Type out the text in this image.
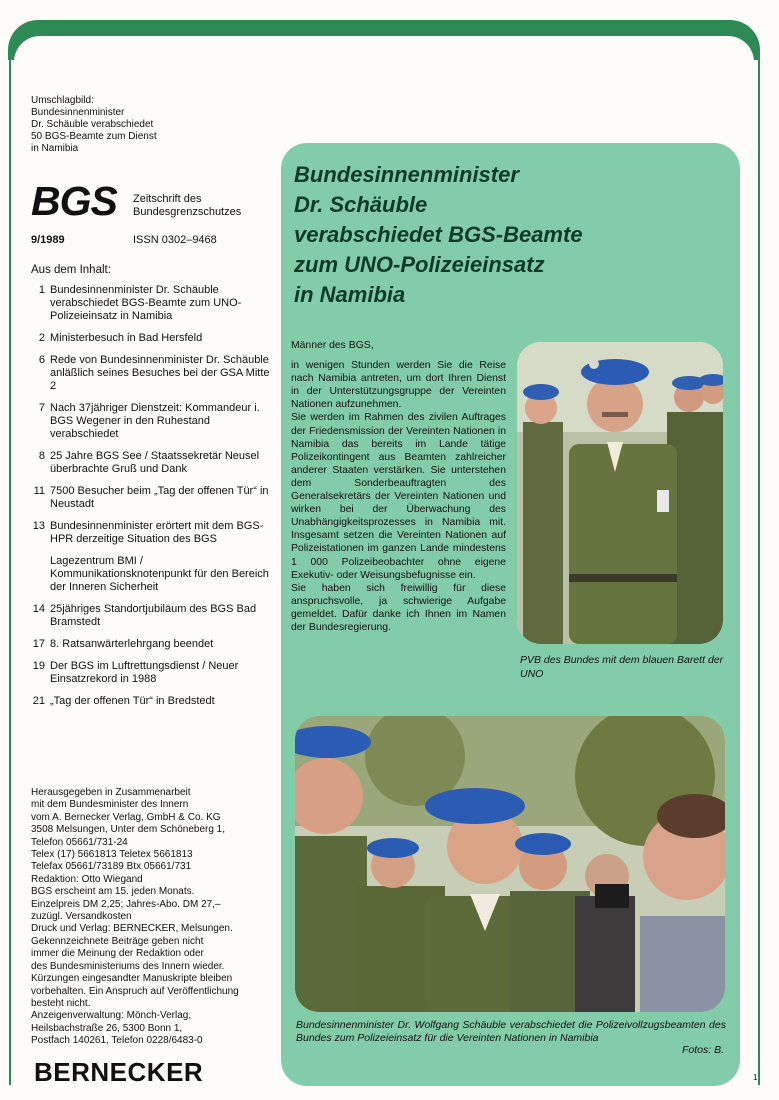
Umschlagbild:
Bundesinnenminister
Dr. Schäuble verabschiedet
50 BGS-Beamte zum Dienst
in Namibia
BGS Zeitschrift des
Bundesgrenzschutzes
9/1989	ISSN 0302–9468
Aus dem Inhalt:
1 Bundesinnenminister Dr. Schäuble verabschiedet BGS-Beamte zum UNO-Polizeieinsatz in Namibia
2 Ministerbesuch in Bad Hersfeld
6 Rede von Bundesinnenminister Dr. Schäuble anläßlich seines Besuches bei der GSA Mitte 2
7 Nach 37jähriger Dienstzeit: Kommandeur i. BGS Wegener in den Ruhestand verabschiedet
8 25 Jahre BGS See / Staatssekretär Neusel überbrachte Gruß und Dank
11 7500 Besucher beim „Tag der offenen Tür“ in Neustadt
13 Bundesinnenminister erörtert mit dem BGS-HPR derzeitige Situation des BGS
Lagezentrum BMI / Kommunikationsknotenpunkt für den Bereich der Inneren Sicherheit
14 25jähriges Standortjubiläum des BGS Bad Bramstedt
17 8. Ratsanwärterlehrgang beendet
19 Der BGS im Luftrettungsdienst / Neuer Einsatzrekord in 1988
21 „Tag der offenen Tür“ in Bredstedt
Herausgegeben in Zusammenarbeit
mit dem Bundesminister des Innern
vom A. Bernecker Verlag, GmbH & Co. KG
3508 Melsungen, Unter dem Schöneberg 1,
Telefon 05661/731-24
Telex (17) 5661813 Teletex 5661813
Telefax 05661/73189 Btx 05661/731
Redaktion: Otto Wiegand
BGS erscheint am 15. jeden Monats.
Einzelpreis DM 2,25; Jahres-Abo. DM 27,–
zuzügl. Versandkosten
Druck und Verlag: BERNECKER, Melsungen.
Gekennzeichnete Beiträge geben nicht
immer die Meinung der Redaktion oder
des Bundesministeriums des Innern wieder.
Kürzungen eingesandter Manuskripte bleiben
vorbehalten. Ein Anspruch auf Veröffentlichung
besteht nicht.
Anzeigenverwaltung: Mönch-Verlag,
Heilsbachstraße 26, 5300 Bonn 1,
Postfach 140261, Telefon 0228/6483-0
BERNECKER
Bundesinnenminister
Dr. Schäuble
verabschiedet BGS-Beamte
zum UNO-Polizeieinsatz
in Namibia

Männer des BGS,

in wenigen Stunden werden Sie die Reise nach Namibia antreten, um dort Ihren Dienst in der Unterstützungsgruppe der Vereinten Nationen aufzunehmen.

Sie werden im Rahmen des zivilen Auftrages der Friedensmission der Vereinten Nationen in Namibia das bereits im Lande tätige Polizeikontingent aus Beamten zahlreicher anderer Staaten verstärken. Sie unterstehen dem Sonderbeauftragten des Generalsekretärs der Vereinten Nationen und wirken bei der Überwachung des Unabhängigkeitsprozesses in Namibia mit. Insgesamt setzen die Vereinten Nationen auf Polizeistationen im ganzen Lande mindestens 1 000 Polizeibeobachter ohne eigene Exekutiv- oder Weisungsbefugnisse ein.

Sie haben sich freiwillig für diese anspruchsvolle, ja schwierige Aufgabe gemeldet. Dafür danke ich Ihnen im Namen der Bundesregierung.

PVB des Bundes mit dem blauen Barett der UNO
Bundesinnenminister Dr. Wolfgang Schäuble verabschiedet die Polizeivollzugsbeamten des Bundes zum Polizeieinsatz für die Vereinten Nationen in Namibia
Fotos: B.
1
